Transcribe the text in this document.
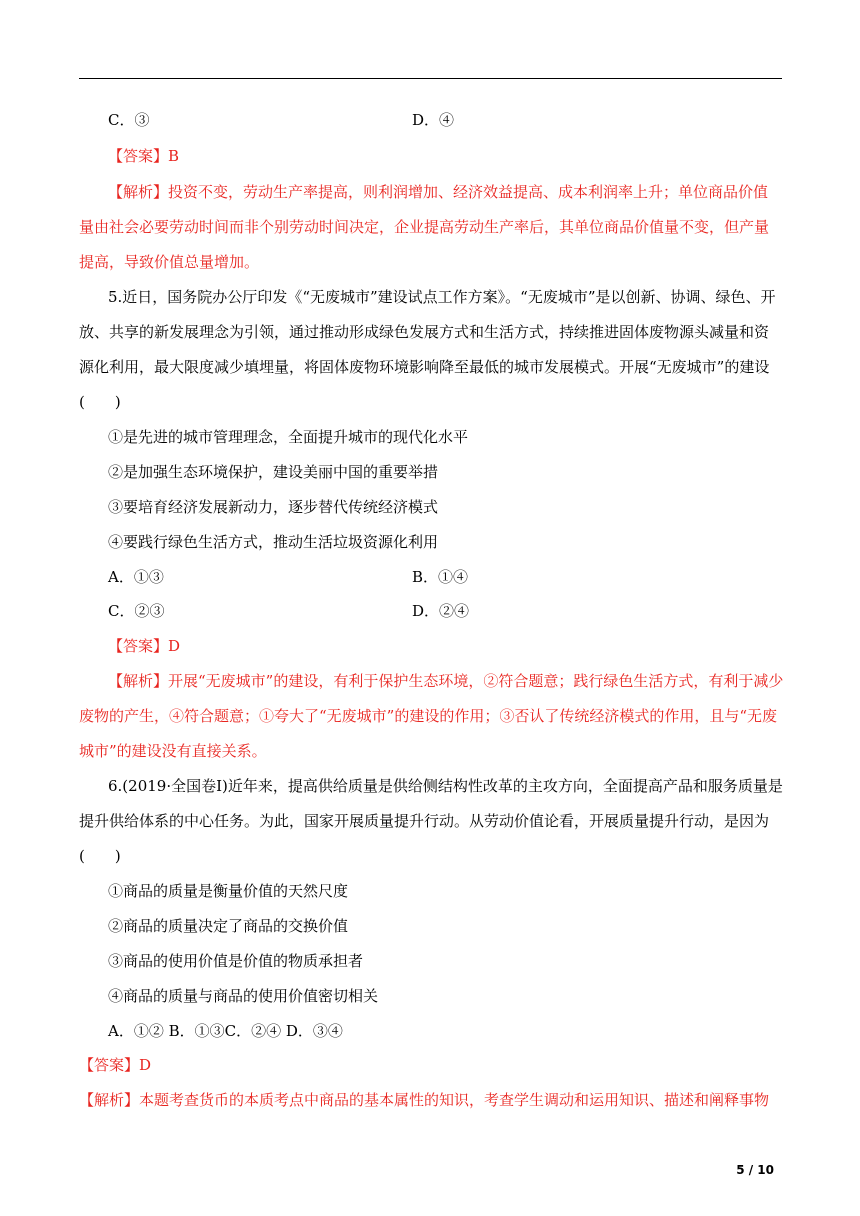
C．③	D．④
【答案】B
【解析】投资不变，劳动生产率提高，则利润增加、经济效益提高、成本利润率上升；单位商品价值
量由社会必要劳动时间而非个别劳动时间决定，企业提高劳动生产率后，其单位商品价值量不变，但产量
提高，导致价值总量增加。
5.近日，国务院办公厅印发《“无废城市”建设试点工作方案》。“无废城市”是以创新、协调、绿色、开
放、共享的新发展理念为引领，通过推动形成绿色发展方式和生活方式，持续推进固体废物源头减量和资
源化利用，最大限度减少填埋量，将固体废物环境影响降至最低的城市发展模式。开展“无废城市”的建设
(　　)
①是先进的城市管理理念，全面提升城市的现代化水平
②是加强生态环境保护，建设美丽中国的重要举措
③要培育经济发展新动力，逐步替代传统经济模式
④要践行绿色生活方式，推动生活垃圾资源化利用
A．①③	B．①④
C．②③	D．②④
【答案】D
【解析】开展“无废城市”的建设，有利于保护生态环境，②符合题意；践行绿色生活方式，有利于减少
废物的产生，④符合题意；①夸大了“无废城市”的建设的作用；③否认了传统经济模式的作用，且与“无废
城市”的建设没有直接关系。
6.(2019·全国卷Ⅰ)近年来，提高供给质量是供给侧结构性改革的主攻方向，全面提高产品和服务质量是
提升供给体系的中心任务。为此，国家开展质量提升行动。从劳动价值论看，开展质量提升行动，是因为
(　　)
①商品的质量是衡量价值的天然尺度
②商品的质量决定了商品的交换价值
③商品的使用价值是价值的物质承担者
④商品的质量与商品的使用价值密切相关
A．①② B．①③C．②④ D．③④
【答案】D
【解析】本题考查货币的本质考点中商品的基本属性的知识，考查学生调动和运用知识、描述和阐释事物
5 / 10
